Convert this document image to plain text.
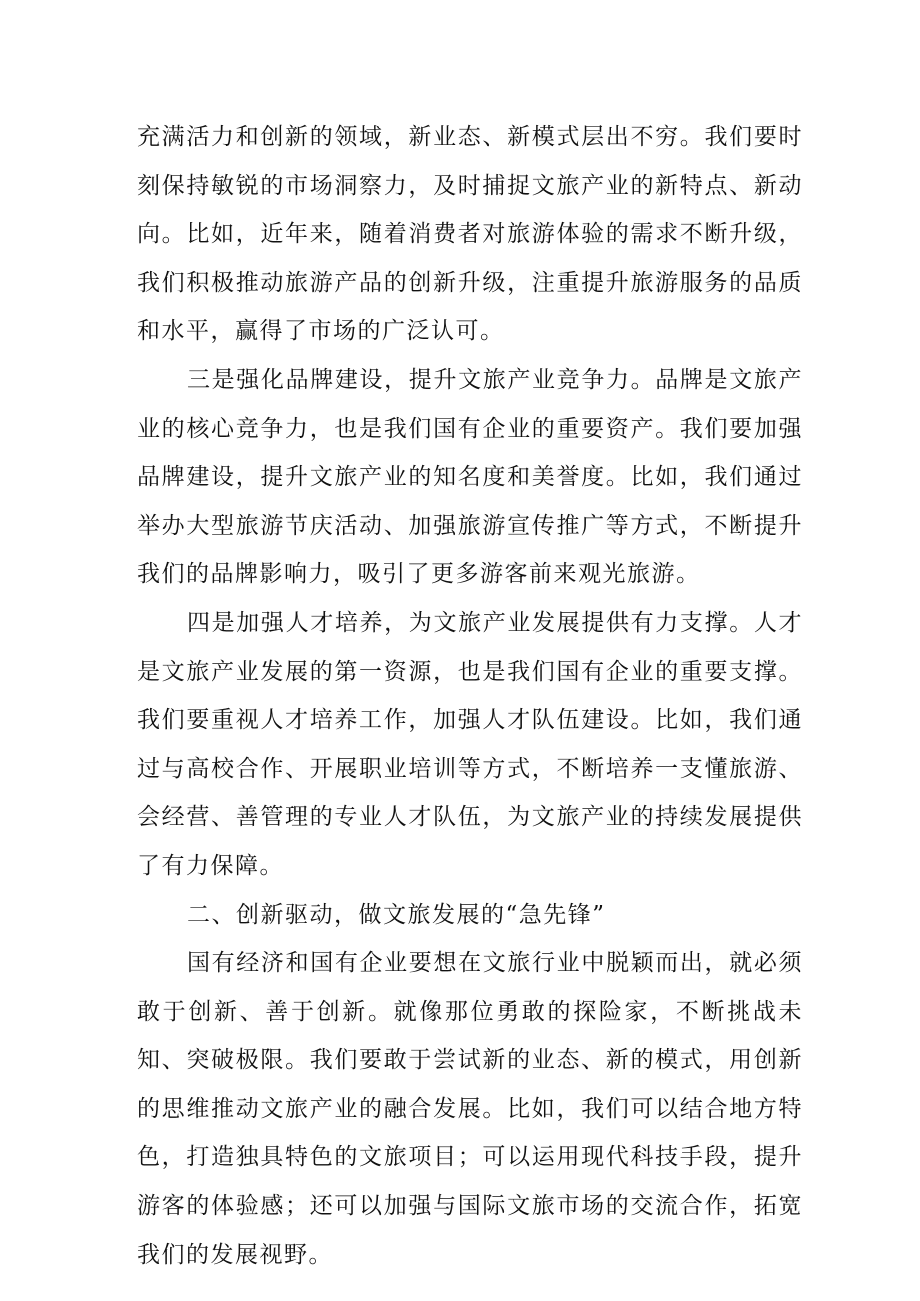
充满活力和创新的领域，新业态、新模式层出不穷。我们要时刻保持敏锐的市场洞察力，及时捕捉文旅产业的新特点、新动向。比如，近年来，随着消费者对旅游体验的需求不断升级，我们积极推动旅游产品的创新升级，注重提升旅游服务的品质和水平，赢得了市场的广泛认可。

三是强化品牌建设，提升文旅产业竞争力。品牌是文旅产业的核心竞争力，也是我们国有企业的重要资产。我们要加强品牌建设，提升文旅产业的知名度和美誉度。比如，我们通过举办大型旅游节庆活动、加强旅游宣传推广等方式，不断提升我们的品牌影响力，吸引了更多游客前来观光旅游。

四是加强人才培养，为文旅产业发展提供有力支撑。人才是文旅产业发展的第一资源，也是我们国有企业的重要支撑。我们要重视人才培养工作，加强人才队伍建设。比如，我们通过与高校合作、开展职业培训等方式，不断培养一支懂旅游、会经营、善管理的专业人才队伍，为文旅产业的持续发展提供了有力保障。

二、创新驱动，做文旅发展的“急先锋”

国有经济和国有企业要想在文旅行业中脱颖而出，就必须敢于创新、善于创新。就像那位勇敢的探险家，不断挑战未知、突破极限。我们要敢于尝试新的业态、新的模式，用创新的思维推动文旅产业的融合发展。比如，我们可以结合地方特色，打造独具特色的文旅项目；可以运用现代科技手段，提升游客的体验感；还可以加强与国际文旅市场的交流合作，拓宽我们的发展视野。
